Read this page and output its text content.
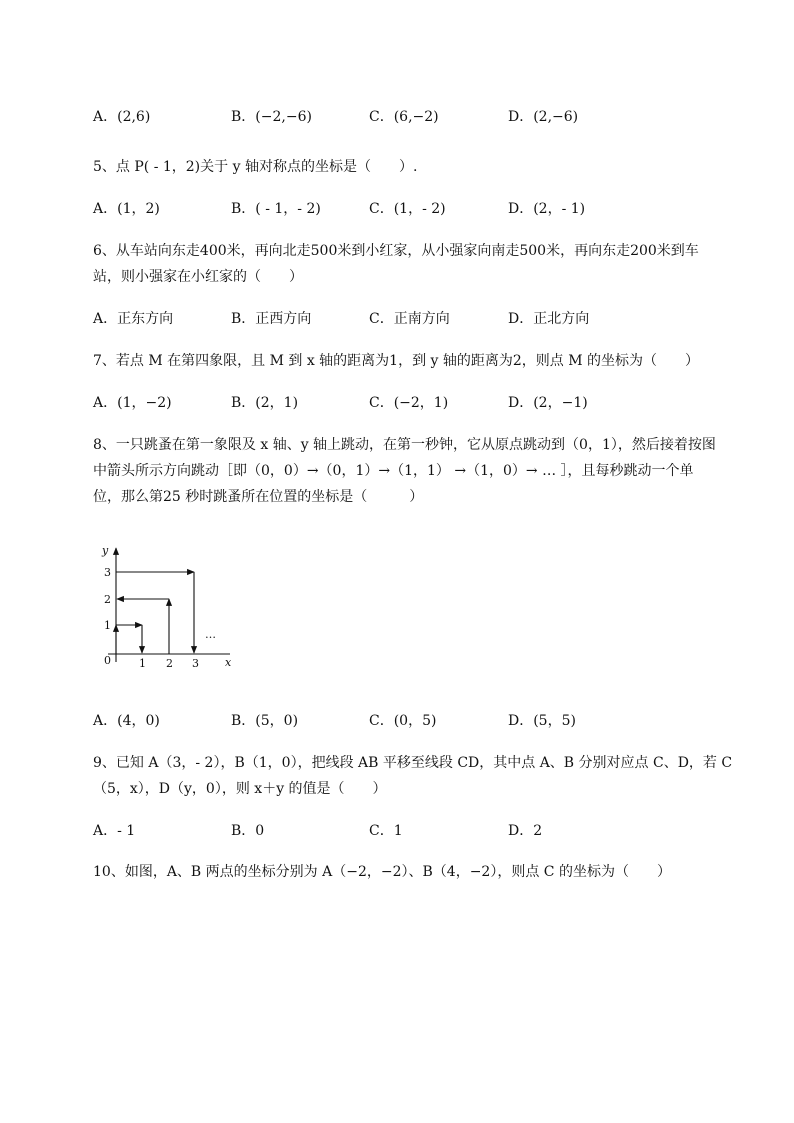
A．(2,6)	B．(−2,−6)	C．(6,−2)	D．(2,−6)
5、点 P( - 1，2)关于 y 轴对称点的坐标是（　　）.
A．(1，2)	B．( - 1，- 2)	C．(1，- 2)	D．(2，- 1)
6、从车站向东走400米，再向北走500米到小红家，从小强家向南走500米，再向东走200米到车
站，则小强家在小红家的（　　）
A．正东方向	B．正西方向	C．正南方向	D．正北方向
7、若点 M 在第四象限，且 M 到 x 轴的距离为1，到 y 轴的距离为2，则点 M 的坐标为（　　）
A．(1，−2)	B．(2，1)	C．(−2，1)	D．(2，−1)
8、一只跳蚤在第一象限及 x 轴、y 轴上跳动，在第一秒钟，它从原点跳动到（0，1），然后接着按图
中箭头所示方向跳动［即（0，0）→（0，1）→（1，1） →（1，0）→ … ］，且每秒跳动一个单
位，那么第25 秒时跳蚤所在位置的坐标是（　　　）
y
x
0	1 2 3
1
2
3
…
A．(4，0)	B．(5，0)	C．(0，5)	D．(5，5)
9、已知 A（3，- 2），B（1，0），把线段 AB 平移至线段 CD，其中点 A、B 分别对应点 C、D，若 C
（5，x），D（y，0），则 x＋y 的值是（　　）
A．- 1	B．0	C．1	D．2
10、如图，A、B 两点的坐标分别为 A（−2，−2）、B（4，−2），则点 C 的坐标为（　　）
